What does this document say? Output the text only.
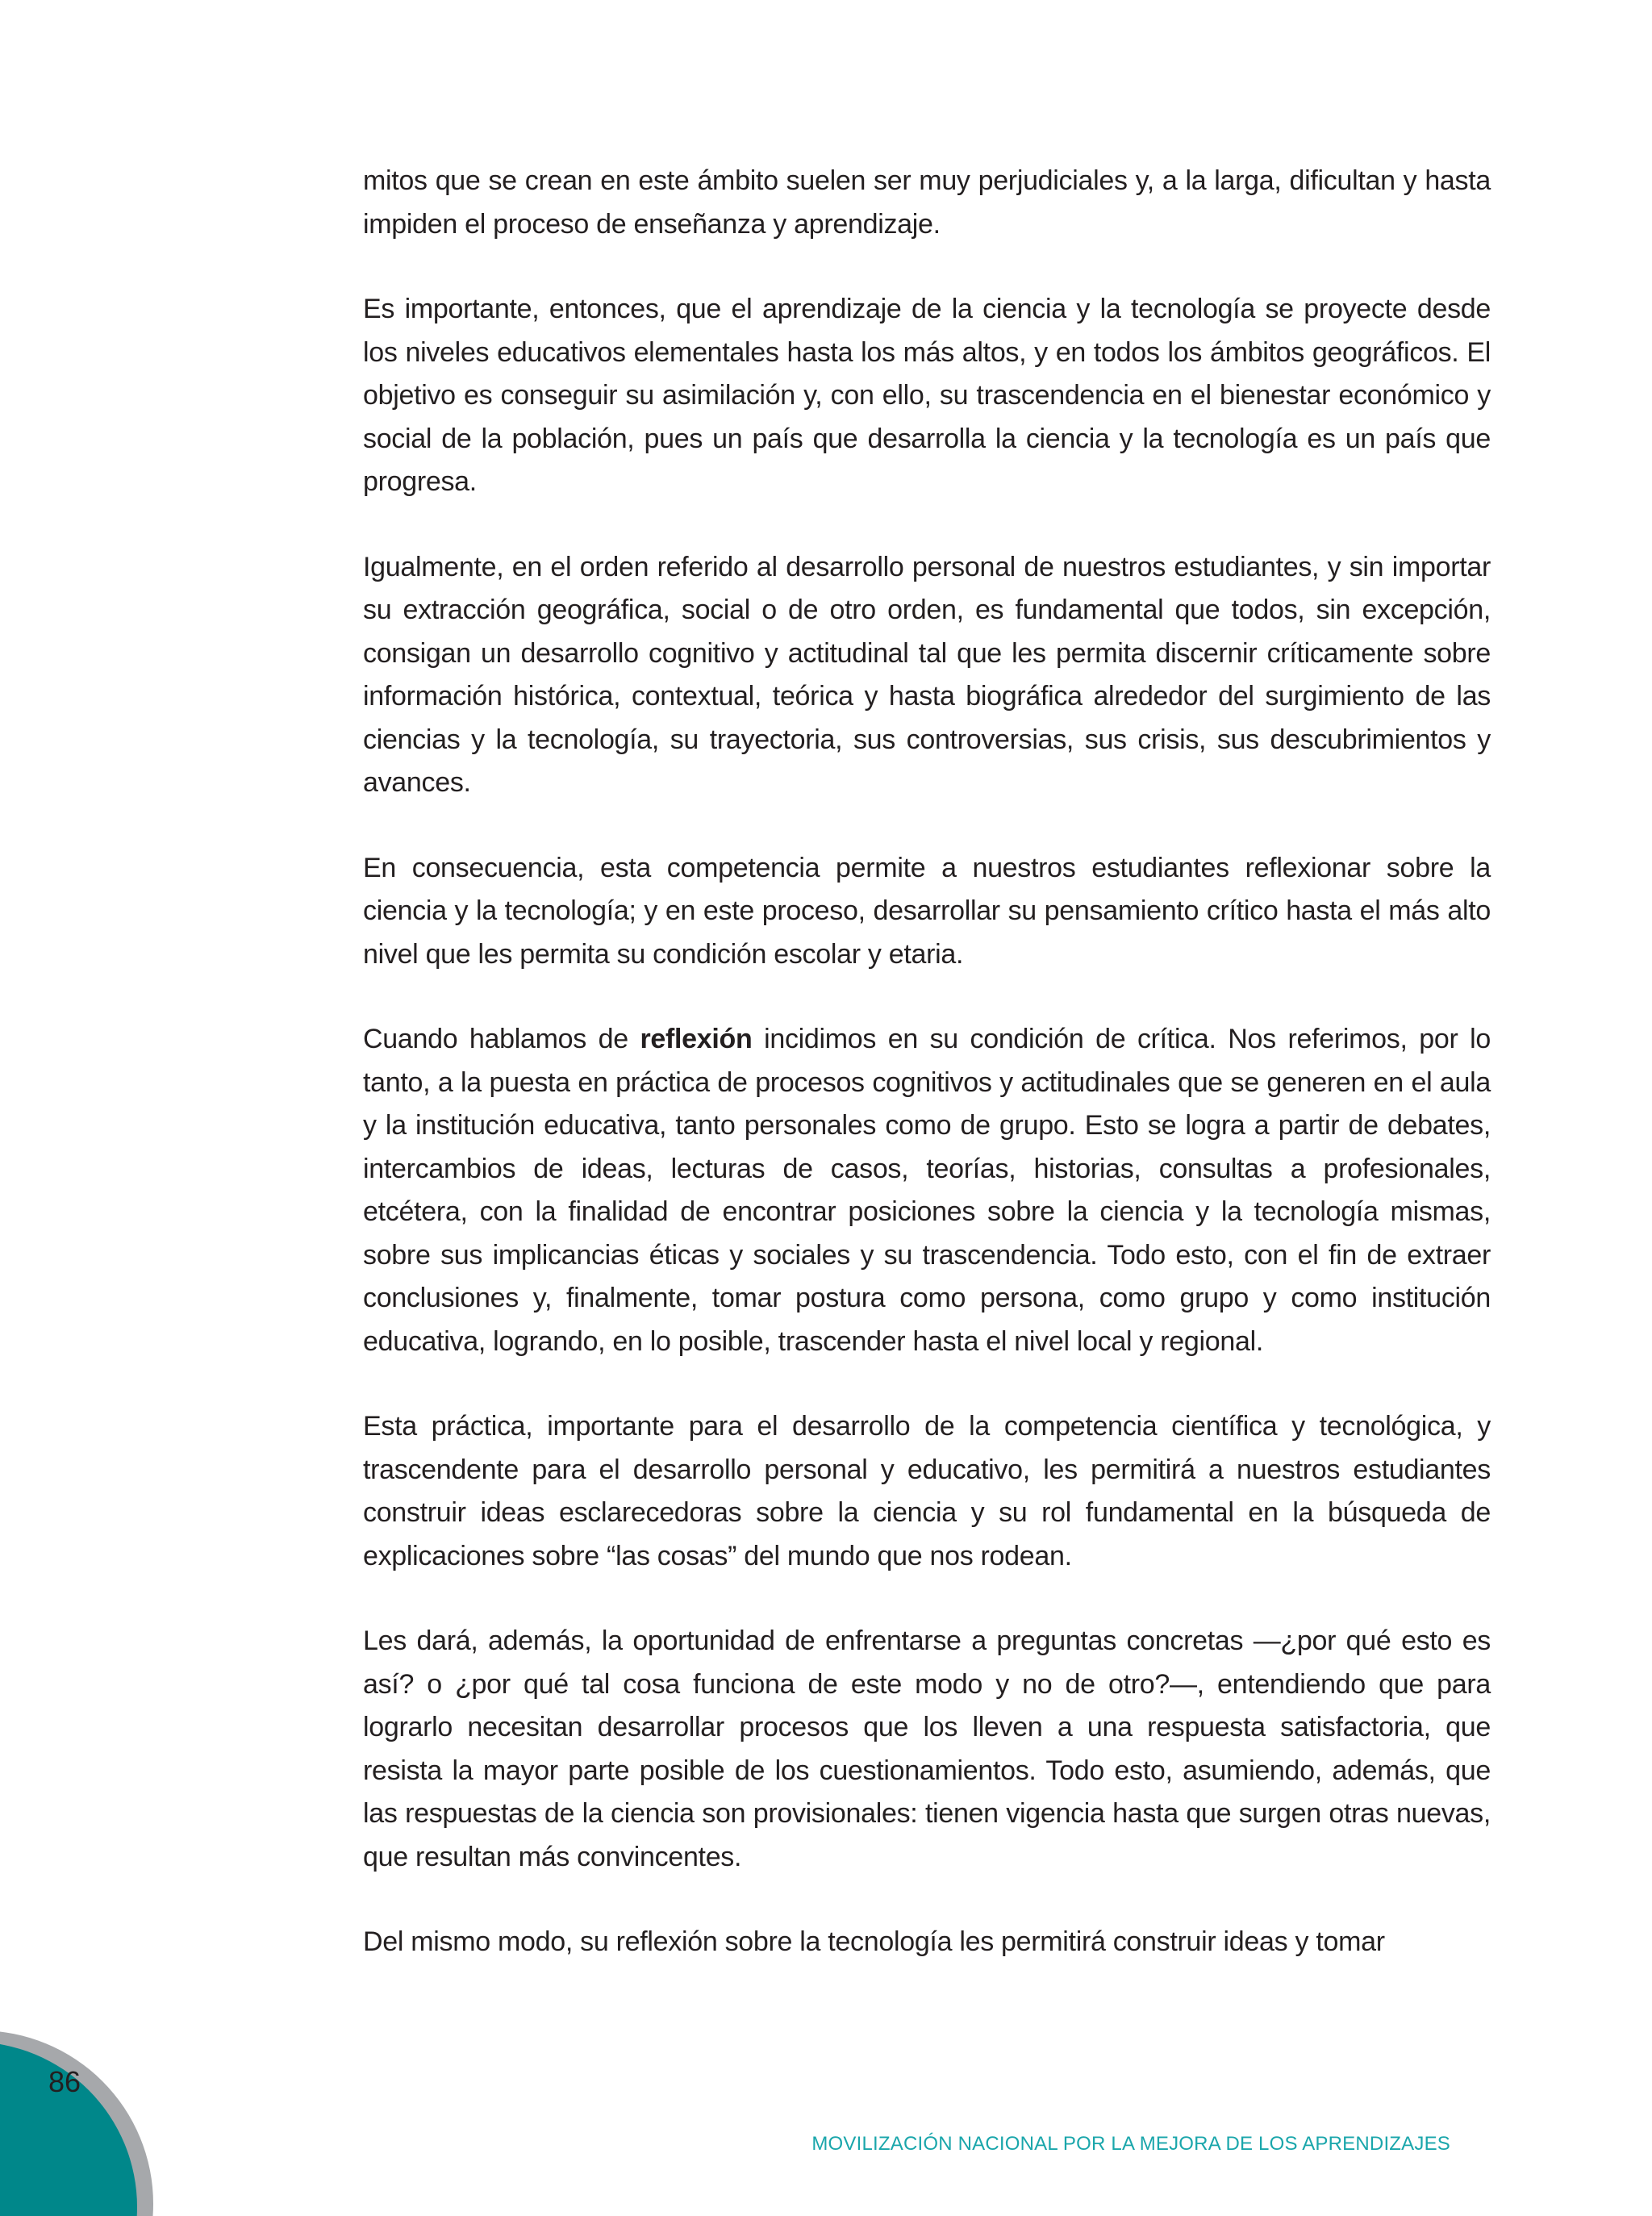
mitos que se crean en este ámbito suelen ser muy perjudiciales y, a la larga, dificultan y hasta impiden el proceso de enseñanza y aprendizaje.

Es importante, entonces, que el aprendizaje de la ciencia y la tecnología se proyecte desde los niveles educativos elementales hasta los más altos, y en todos los ámbitos geográficos. El objetivo es conseguir su asimilación y, con ello, su trascendencia en el bienestar económico y social de la población, pues un país que desarrolla la ciencia y la tecnología es un país que progresa.

Igualmente, en el orden referido al desarrollo personal de nuestros estudiantes, y sin importar su extracción geográfica, social o de otro orden, es fundamental que todos, sin excepción, consigan un desarrollo cognitivo y actitudinal tal que les permita discernir críticamente sobre información histórica, contextual, teórica y hasta biográfica alrededor del surgimiento de las ciencias y la tecnología, su trayectoria, sus controversias, sus crisis, sus descubrimientos y avances.

En consecuencia, esta competencia permite a nuestros estudiantes reflexionar sobre la ciencia y la tecnología; y en este proceso, desarrollar su pensamiento crítico hasta el más alto nivel que les permita su condición escolar y etaria.

Cuando hablamos de reflexión incidimos en su condición de crítica. Nos referimos, por lo tanto, a la puesta en práctica de procesos cognitivos y actitudinales que se generen en el aula y la institución educativa, tanto personales como de grupo. Esto se logra a partir de debates, intercambios de ideas, lecturas de casos, teorías, historias, consultas a profesionales, etcétera, con la finalidad de encontrar posiciones sobre la ciencia y la tecnología mismas, sobre sus implicancias éticas y sociales y su trascendencia. Todo esto, con el fin de extraer conclusiones y, finalmente, tomar postura como persona, como grupo y como institución educativa, logrando, en lo posible, trascender hasta el nivel local y regional.

Esta práctica, importante para el desarrollo de la competencia científica y tecnológica, y trascendente para el desarrollo personal y educativo, les permitirá a nuestros estudiantes construir ideas esclarecedoras sobre la ciencia y su rol fundamental en la búsqueda de explicaciones sobre “las cosas” del mundo que nos rodean.

Les dará, además, la oportunidad de enfrentarse a preguntas concretas —¿por qué esto es así? o ¿por qué tal cosa funciona de este modo y no de otro?—, entendiendo que para lograrlo necesitan desarrollar procesos que los lleven a una respuesta satisfactoria, que resista la mayor parte posible de los cuestionamientos. Todo esto, asumiendo, además, que las respuestas de la ciencia son provisionales: tienen vigencia hasta que surgen otras nuevas, que resultan más convincentes.

Del mismo modo, su reflexión sobre la tecnología les permitirá construir ideas y tomar

86
MOVILIZACIÓN NACIONAL POR LA MEJORA DE LOS APRENDIZAJES
